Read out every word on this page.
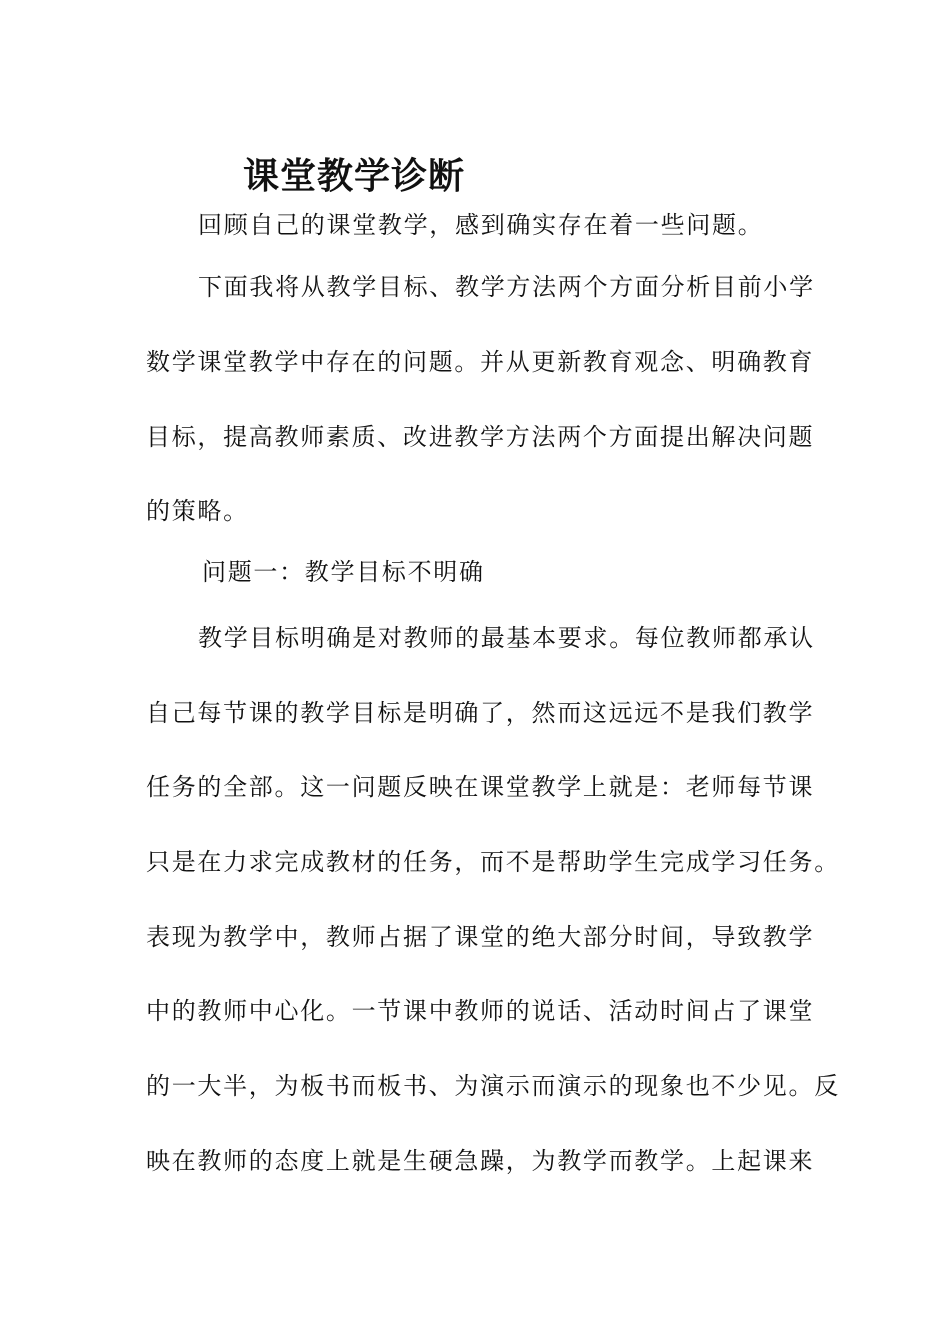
课堂教学诊断
回顾自己的课堂教学，感到确实存在着一些问题。
下面我将从教学目标、教学方法两个方面分析目前小学
数学课堂教学中存在的问题。并从更新教育观念、明确教育
目标，提高教师素质、改进教学方法两个方面提出解决问题
的策略。
问题一：教学目标不明确
教学目标明确是对教师的最基本要求。每位教师都承认
自己每节课的教学目标是明确了，然而这远远不是我们教学
任务的全部。这一问题反映在课堂教学上就是：老师每节课
只是在力求完成教材的任务，而不是帮助学生完成学习任务。
表现为教学中，教师占据了课堂的绝大部分时间，导致教学
中的教师中心化。一节课中教师的说话、活动时间占了课堂
的一大半，为板书而板书、为演示而演示的现象也不少见。反
映在教师的态度上就是生硬急躁，为教学而教学。上起课来
